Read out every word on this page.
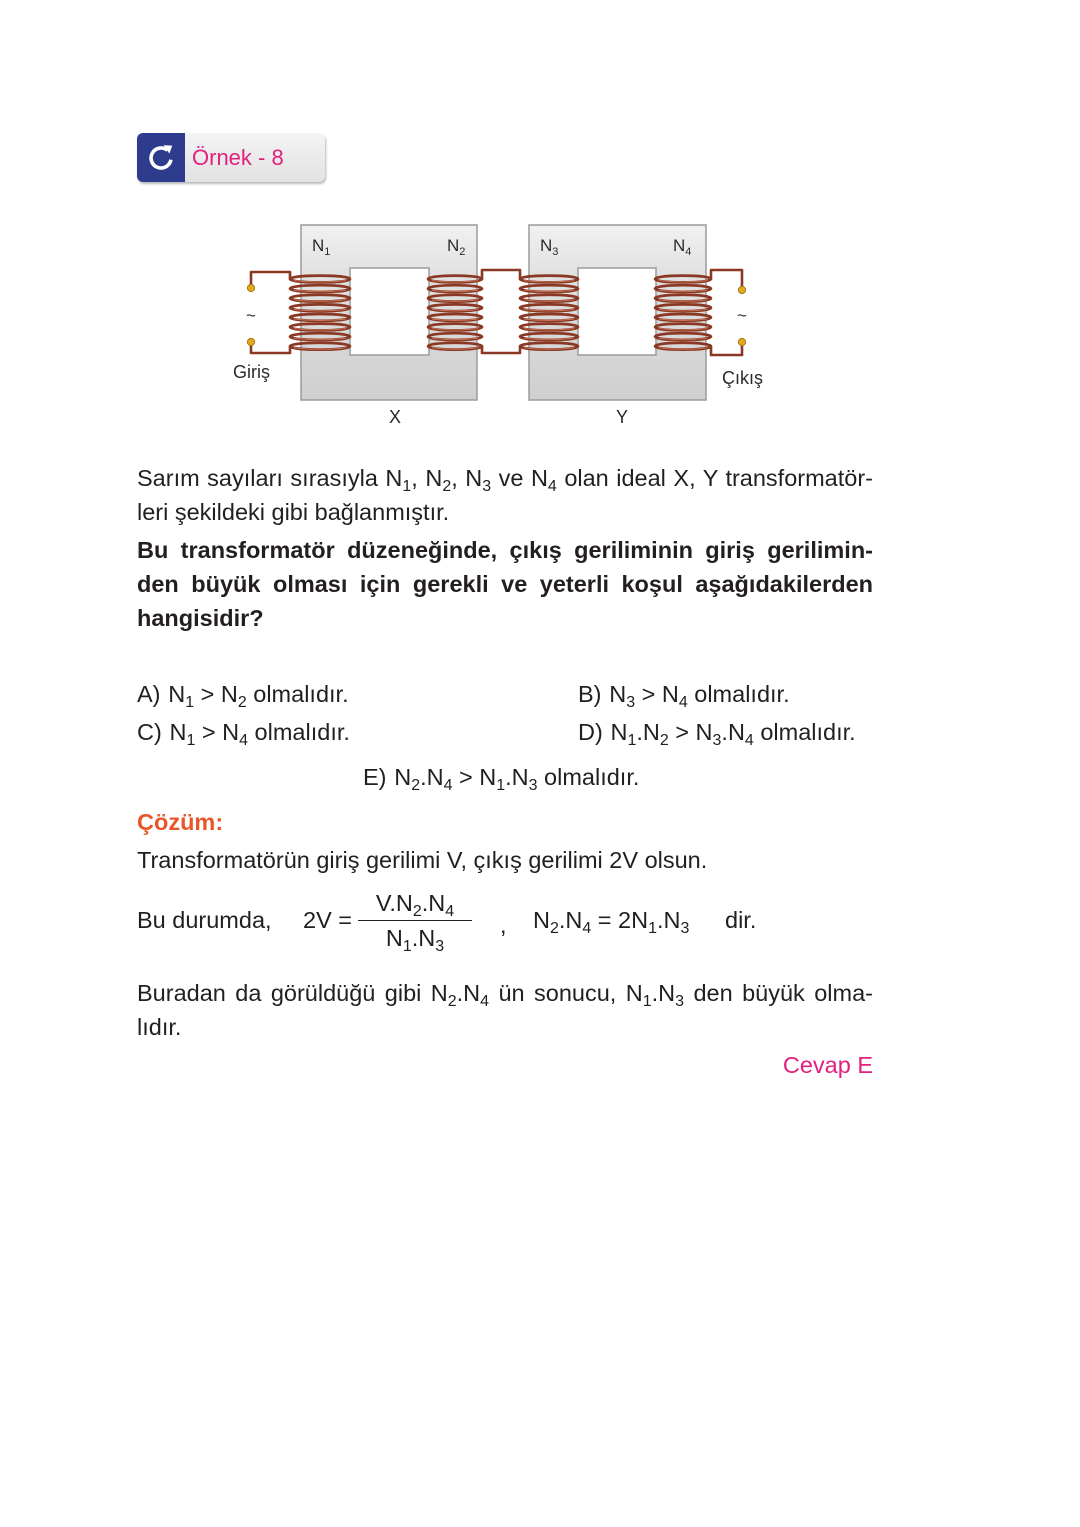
Örnek - 8
~	~
$N_1$	$N_2$	$N_3$	$N_4$
Giriş	Çıkış
X	Y
Sarım sayıları sırasıyla $N_1$, $N_2$, $N_3$ ve $N_4$ olan ideal X, Y transformatör-
leri şekildeki gibi bağlanmıştır.
Bu transformatör düzeneğinde, çıkış geriliminin giriş gerilimin-
den büyük olması için gerekli ve yeterli koşul aşağıdakilerden
hangisidir?
A) $N_1 > N_2$ olmalıdır.	B) $N_3 > N_4$ olmalıdır.
C) $N_1 > N_4$ olmalıdır.	D) $N_1.N_2 > N_3.N_4$ olmalıdır.
E) $N_2.N_4 > N_1.N_3$ olmalıdır.
Çözüm:
Transformatörün giriş gerilimi V, çıkış gerilimi 2V olsun.
Bu durumda, 2V =
$V.N_2.N_4$
$N_1.N_3$
, $N_2.N_4 = 2N_1.N_3$ dir.
Buradan da görüldüğü gibi $N_2.N_4$ ün sonucu, $N_1.N_3$ den büyük olma-
lıdır.
Cevap E
